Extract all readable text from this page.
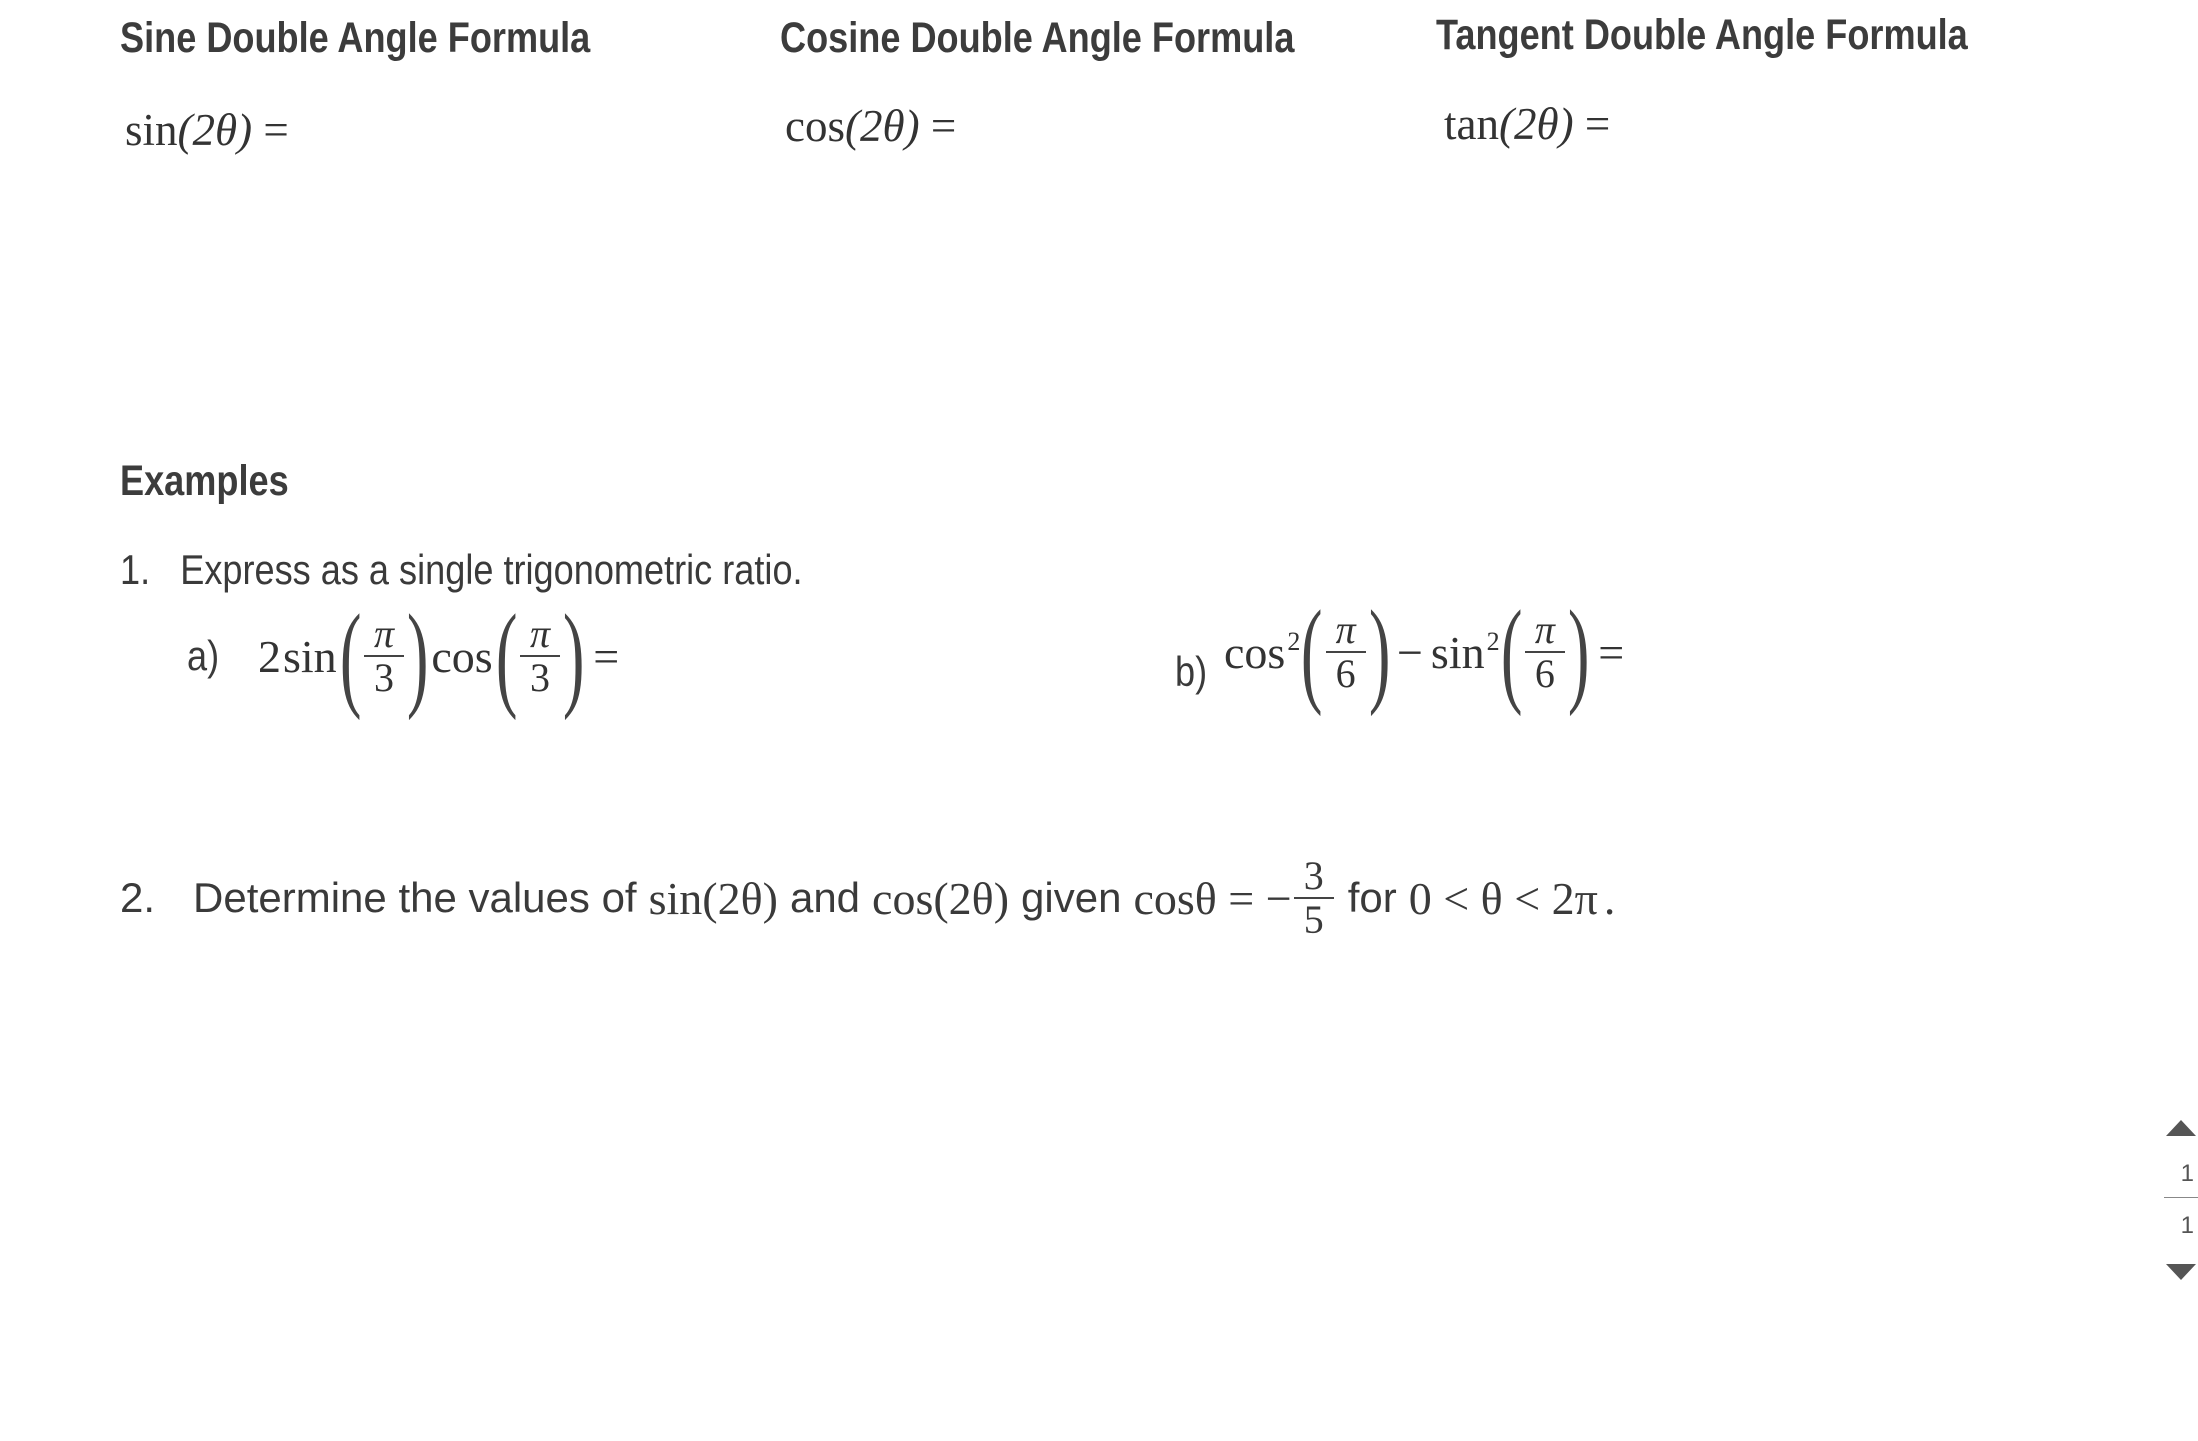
Sine Double Angle Formula	Cosine Double Angle Formula	Tangent Double Angle Formula
sin(2θ) =	cos(2θ) =	tan(2θ) =
Examples
1. Express as a single trigonometric ratio.
a) 2 sin ( $\frac{\pi}{3}$ ) cos ( $\frac{\pi}{3}$ ) =	b) cos 2 ( $\frac{\pi}{6}$ ) − sin 2 ( $\frac{\pi}{6}$ ) =
2. Determine the values of sin(2θ) and cos(2θ) given cosθ = − $\frac{3}{5}$ for 0 < θ < 2π .
1
1
